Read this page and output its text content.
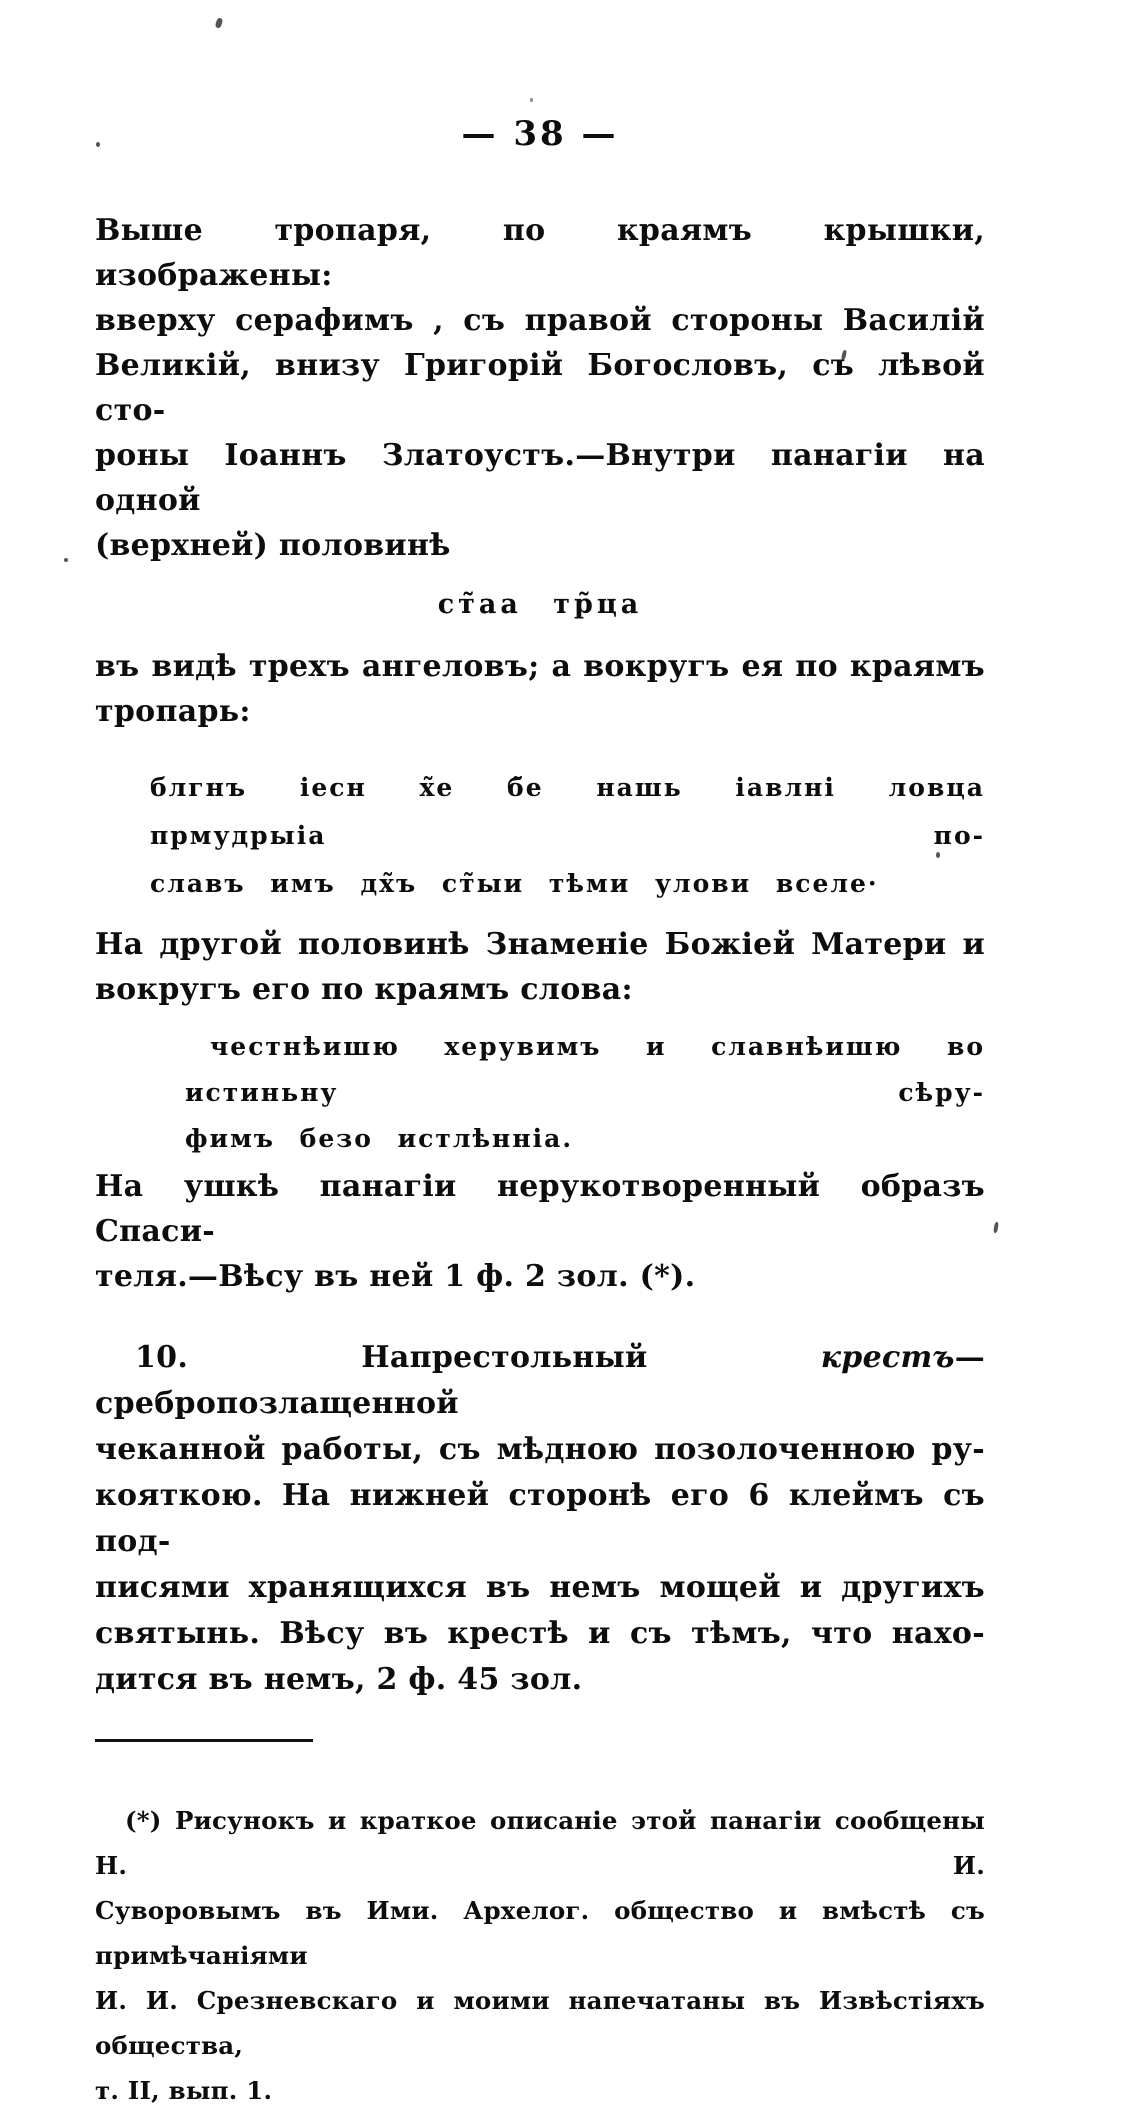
— 38 —
Выше тропаря, по краямъ крышки, изображены:
вверху серафимъ , съ правой стороны Василій
Великій, внизу Григорій Богословъ, съ лѣвой сто-
роны Іоаннъ Златоустъ.—Внутри панагіи на одной
(верхней) половинѣ
ст̃аа тр̃ца
въ видѣ трехъ ангеловъ; а вокругъ ея по краямъ
тропарь:
блгнъ іесн х̃е б̃е нашь іавлні ловца прмудрыіа по-
славъ имъ дх̃ъ ст̃ыи тѣми улови вселе·
На другой половинѣ Знаменіе Божіей Матери и
вокругъ его по краямъ слова:
честнѣишю херувимъ и славнѣишю во истиньну сѣру-
фимъ безо истлѣнніа.
На ушкѣ панагіи нерукотворенный образъ Спаси-
теля.—Вѣсу въ ней 1 ф. 2 зол. (*).
10. Напрестольный крестъ—сребропозлащенной
чеканной работы, съ мѣдною позолоченною ру-
кояткою. На нижней сторонѣ его 6 клеймъ съ под-
писями хранящихся въ немъ мощей и другихъ
святынь. Вѣсу въ крестѣ и съ тѣмъ, что нахо-
дится въ немъ, 2 ф. 45 зол.
(*) Рисунокъ и краткое описаніе этой панагіи сообщены Н. И.
Суворовымъ въ Ими. Архелог. общество и вмѣстѣ съ примѣчаніями
И. И. Срезневскаго и моими напечатаны въ Извѣстіяхъ общества,
т. II, вып. 1.
